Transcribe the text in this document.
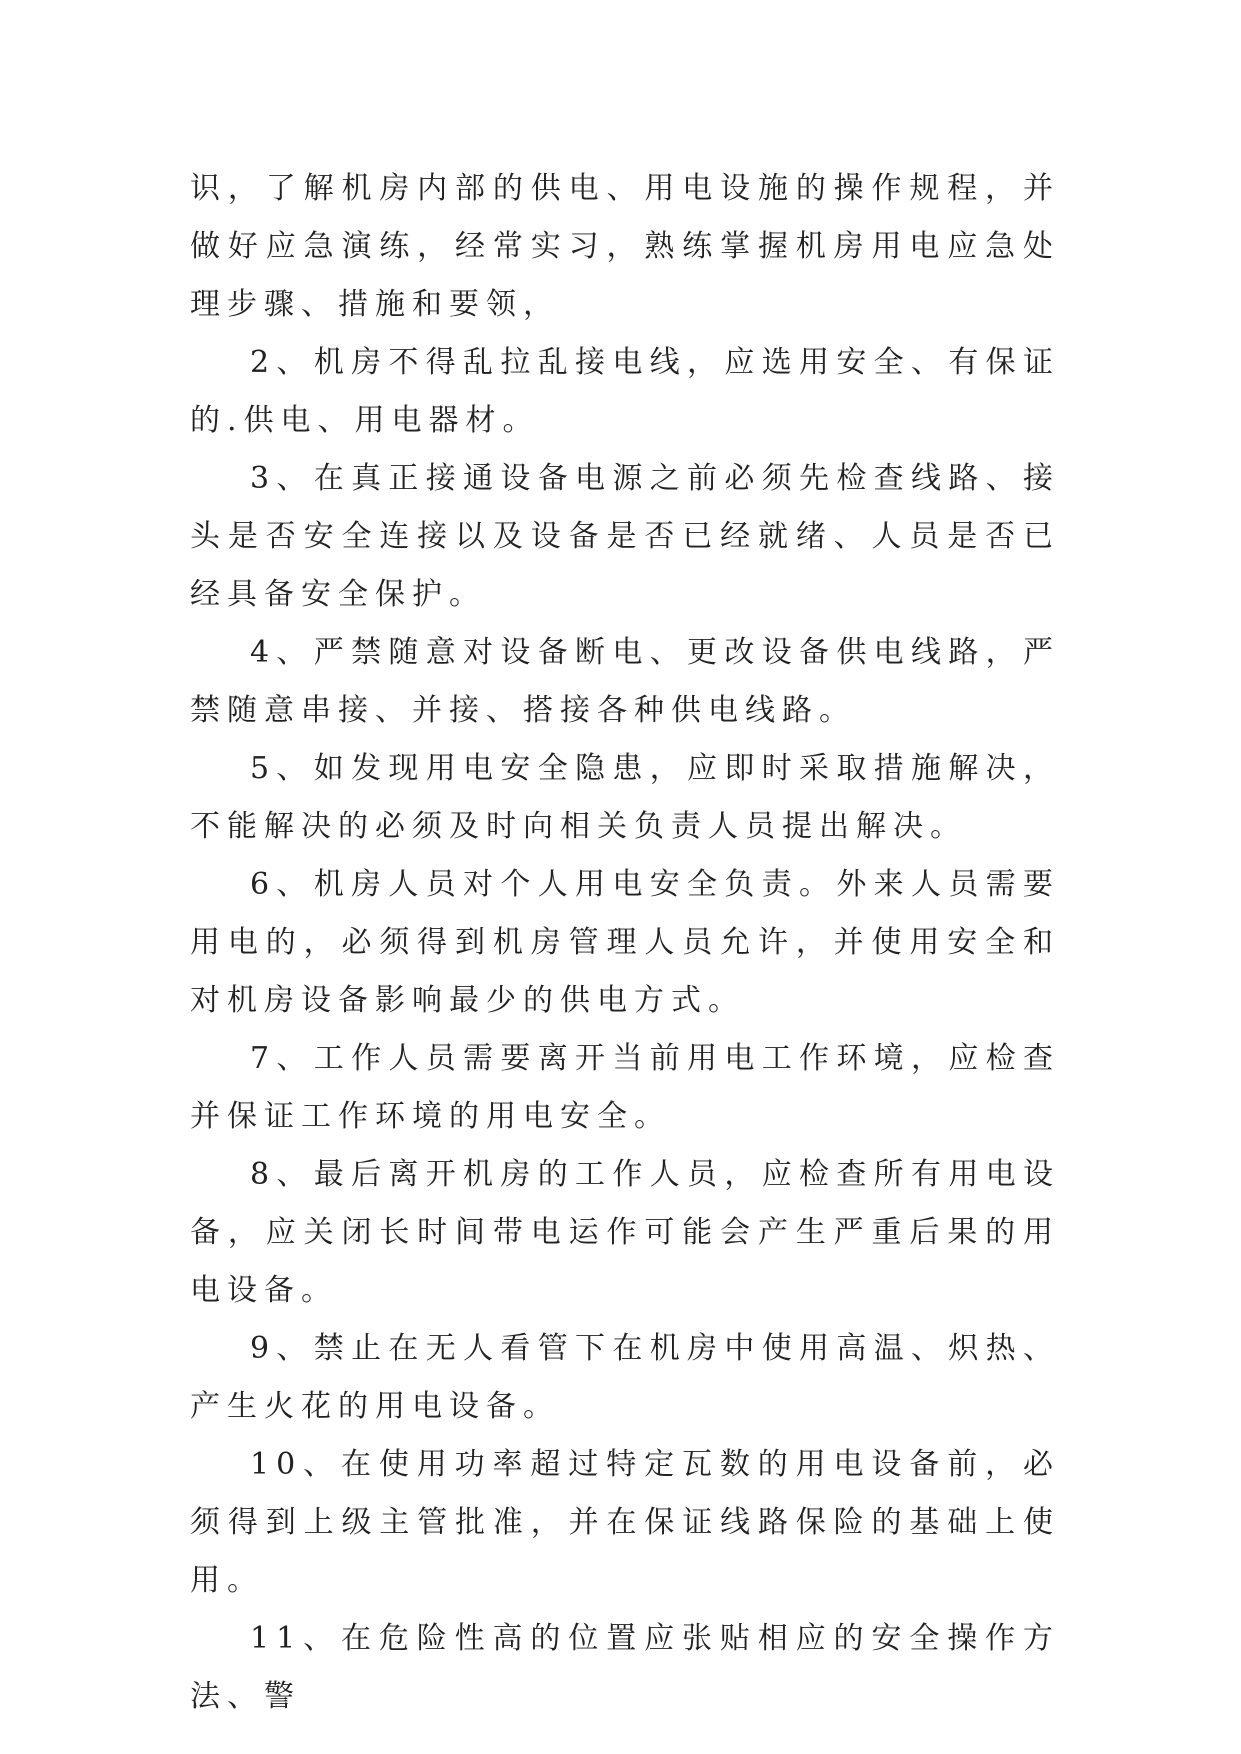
识，了解机房内部的供电、用电设施的操作规程，并做好应急演练，经常实习，熟练掌握机房用电应急处理步骤、措施和要领，

2、机房不得乱拉乱接电线，应选用安全、有保证的.供电、用电器材。

3、在真正接通设备电源之前必须先检查线路、接头是否安全连接以及设备是否已经就绪、人员是否已经具备安全保护。

4、严禁随意对设备断电、更改设备供电线路，严禁随意串接、并接、搭接各种供电线路。

5、如发现用电安全隐患，应即时采取措施解决，不能解决的必须及时向相关负责人员提出解决。

6、机房人员对个人用电安全负责。外来人员需要用电的，必须得到机房管理人员允许，并使用安全和对机房设备影响最少的供电方式。

7、工作人员需要离开当前用电工作环境，应检查并保证工作环境的用电安全。

8、最后离开机房的工作人员，应检查所有用电设备，应关闭长时间带电运作可能会产生严重后果的用电设备。

9、禁止在无人看管下在机房中使用高温、炽热、产生火花的用电设备。

10、在使用功率超过特定瓦数的用电设备前，必须得到上级主管批准，并在保证线路保险的基础上使用。

11、在危险性高的位置应张贴相应的安全操作方法、警
